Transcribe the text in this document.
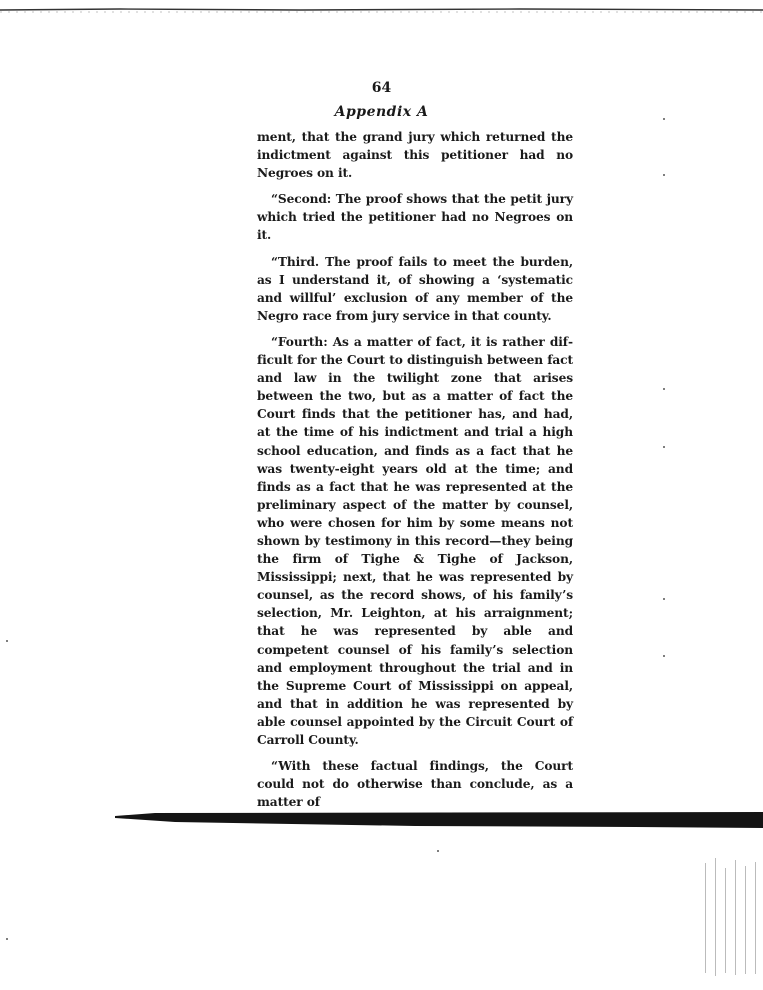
64
Appendix A

ment, that the grand jury which returned the indictment against this petitioner had no Negroes on it.

“Second: The proof shows that the petit jury which tried the petitioner had no Negroes on it.

“Third. The proof fails to meet the burden, as I understand it, of showing a ‘systematic and willful’ exclusion of any member of the Negro race from jury service in that county.

“Fourth: As a matter of fact, it is rather difficult for the Court to distinguish between fact and law in the twilight zone that arises between the two, but as a matter of fact the Court finds that the petitioner has, and had, at the time of his indictment and trial a high school education, and finds as a fact that he was twenty-eight years old at the time; and finds as a fact that he was represented at the preliminary aspect of the matter by counsel, who were chosen for him by some means not shown by testimony in this record—they being the firm of Tighe & Tighe of Jackson, Mississippi; next, that he was represented by counsel, as the record shows, of his family’s selection, Mr. Leighton, at his arraignment; that he was represented by able and competent counsel of his family’s selection and employment throughout the trial and in the Supreme Court of Mississippi on appeal, and that in addition he was represented by able counsel appointed by the Circuit Court of Carroll County.

“With these factual findings, the Court could not do otherwise than conclude, as a matter of
